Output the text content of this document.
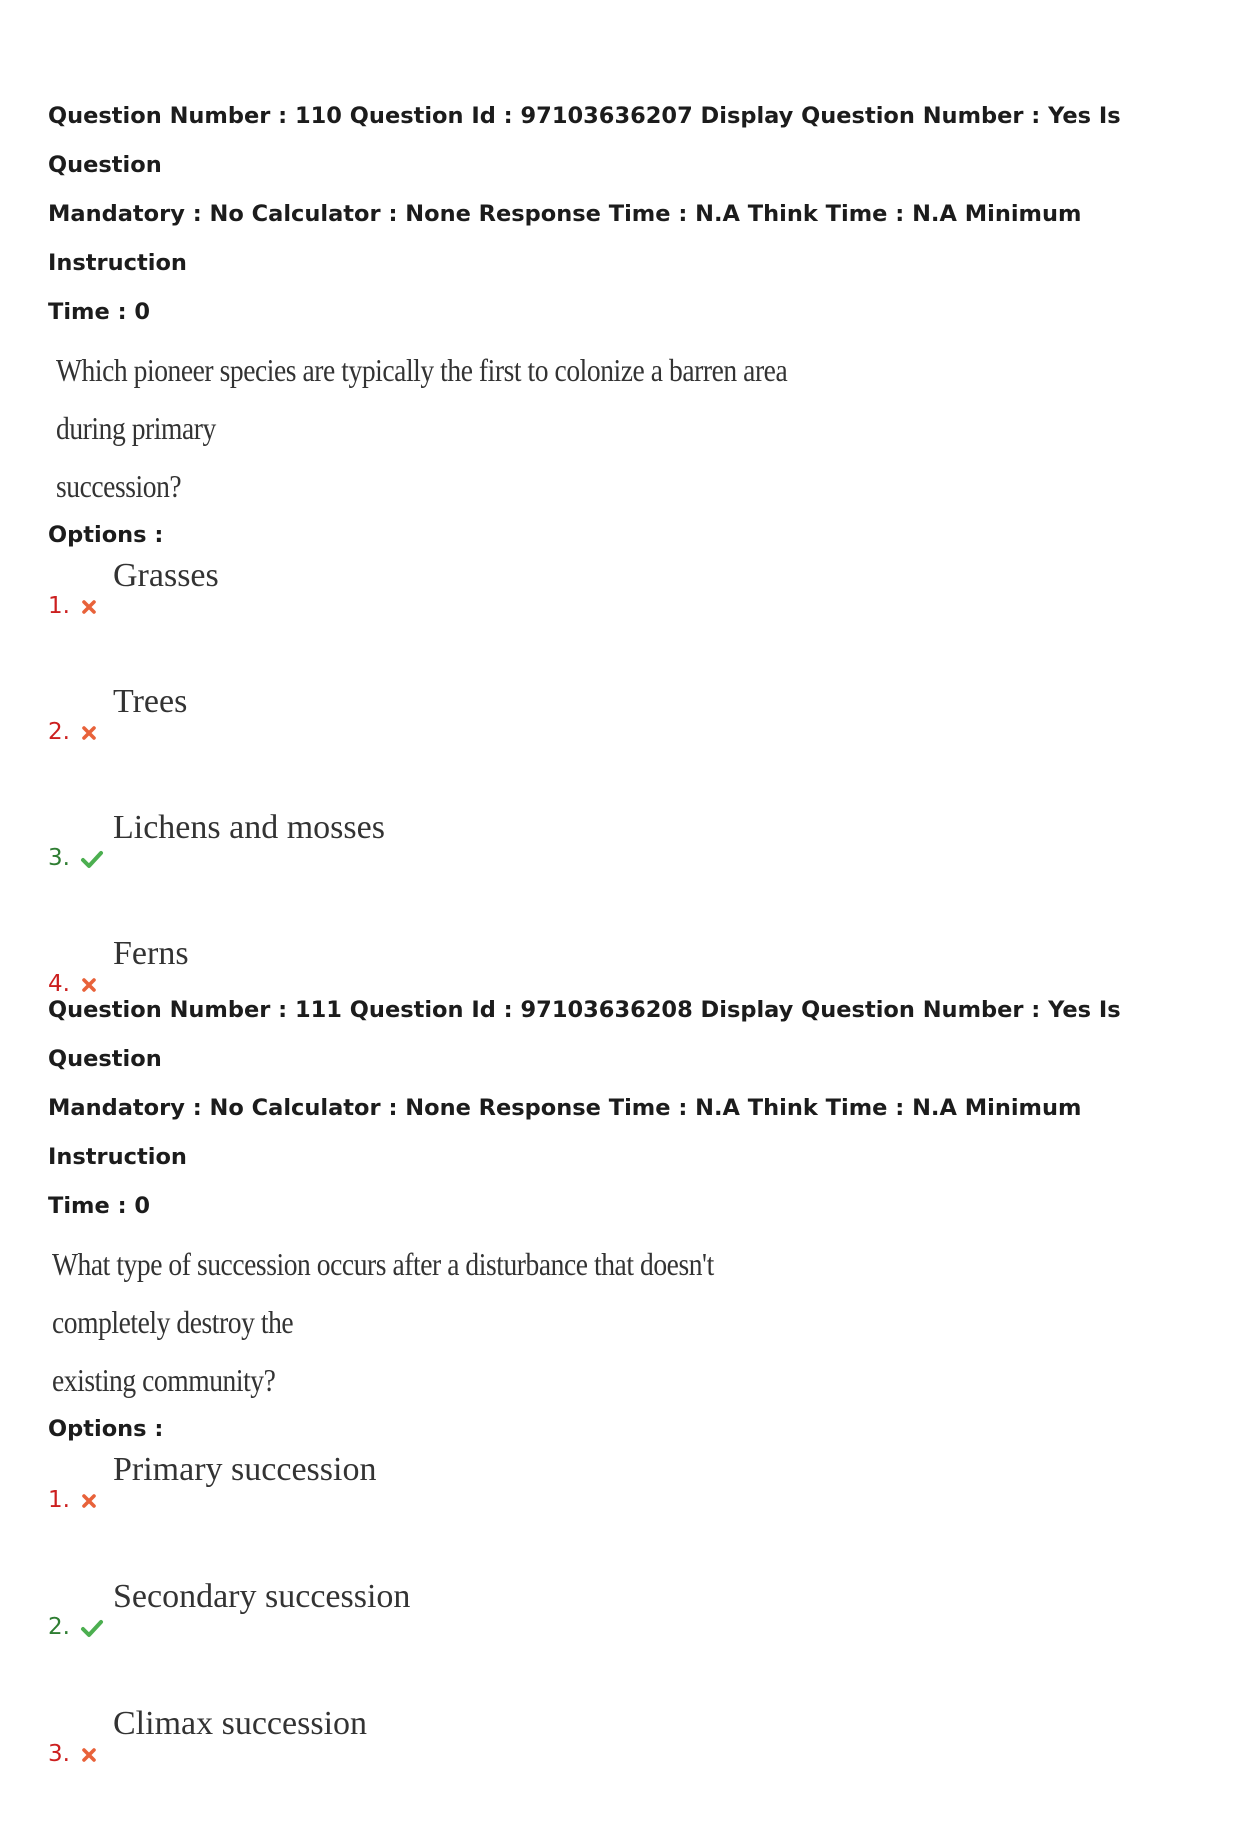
Question Number : 110 Question Id : 97103636207 Display Question Number : Yes Is Question

Mandatory : No Calculator : None Response Time : N.A Think Time : N.A Minimum Instruction

Time : 0

Which pioneer species are typically the first to colonize a barren area during primary
succession?

Options :

1.
Grasses
2.
Trees
3.
Lichens and mosses
4.
Ferns

Question Number : 111 Question Id : 97103636208 Display Question Number : Yes Is Question

Mandatory : No Calculator : None Response Time : N.A Think Time : N.A Minimum Instruction

Time : 0

What type of succession occurs after a disturbance that doesn't completely destroy the
existing community?

Options :

1.
Primary succession
2.
Secondary succession
3.
Climax succession
